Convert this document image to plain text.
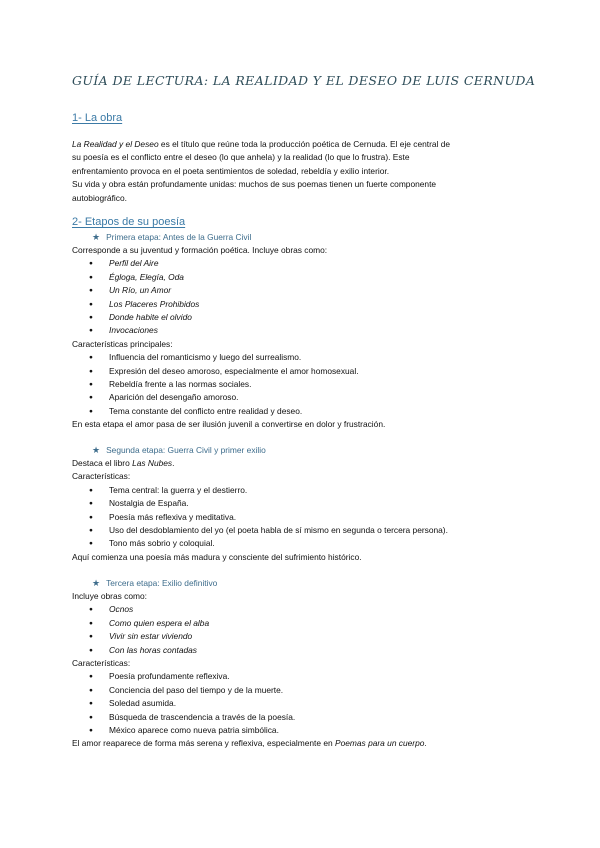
GUÍA DE LECTURA: LA REALIDAD Y EL DESEO DE LUIS CERNUDA
1- La obra

La Realidad y el Deseo es el título que reúne toda la producción poética de Cernuda. El eje central de

su poesía es el conflicto entre el deseo (lo que anhela) y la realidad (lo que lo frustra). Este

enfrentamiento provoca en el poeta sentimientos de soledad, rebeldía y exilio interior.

Su vida y obra están profundamente unidas: muchos de sus poemas tienen un fuerte componente

autobiográfico.

2- Etapos de su poesía
★ Primera etapa: Antes de la Guerra Civil

Corresponde a su juventud y formación poética. Incluye obras como:

● Perfil del Aire
● Égloga, Elegía, Oda
● Un Río, un Amor
● Los Placeres Prohibidos
● Donde habite el olvido
● Invocaciones

Características principales:

● Influencia del romanticismo y luego del surrealismo.
● Expresión del deseo amoroso, especialmente el amor homosexual.
● Rebeldía frente a las normas sociales.
● Aparición del desengaño amoroso.
● Tema constante del conflicto entre realidad y deseo.

En esta etapa el amor pasa de ser ilusión juvenil a convertirse en dolor y frustración.

★ Segunda etapa: Guerra Civil y primer exilio

Destaca el libro Las Nubes.

Características:

● Tema central: la guerra y el destierro.
● Nostalgia de España.
● Poesía más reflexiva y meditativa.
● Uso del desdoblamiento del yo (el poeta habla de sí mismo en segunda o tercera persona).
● Tono más sobrio y coloquial.

Aquí comienza una poesía más madura y consciente del sufrimiento histórico.

★ Tercera etapa: Exilio definitivo

Incluye obras como:

● Ocnos
● Como quien espera el alba
● Vivir sin estar viviendo
● Con las horas contadas

Características:

● Poesía profundamente reflexiva.
● Conciencia del paso del tiempo y de la muerte.
● Soledad asumida.
● Búsqueda de trascendencia a través de la poesía.
● México aparece como nueva patria simbólica.

El amor reaparece de forma más serena y reflexiva, especialmente en Poemas para un cuerpo.
